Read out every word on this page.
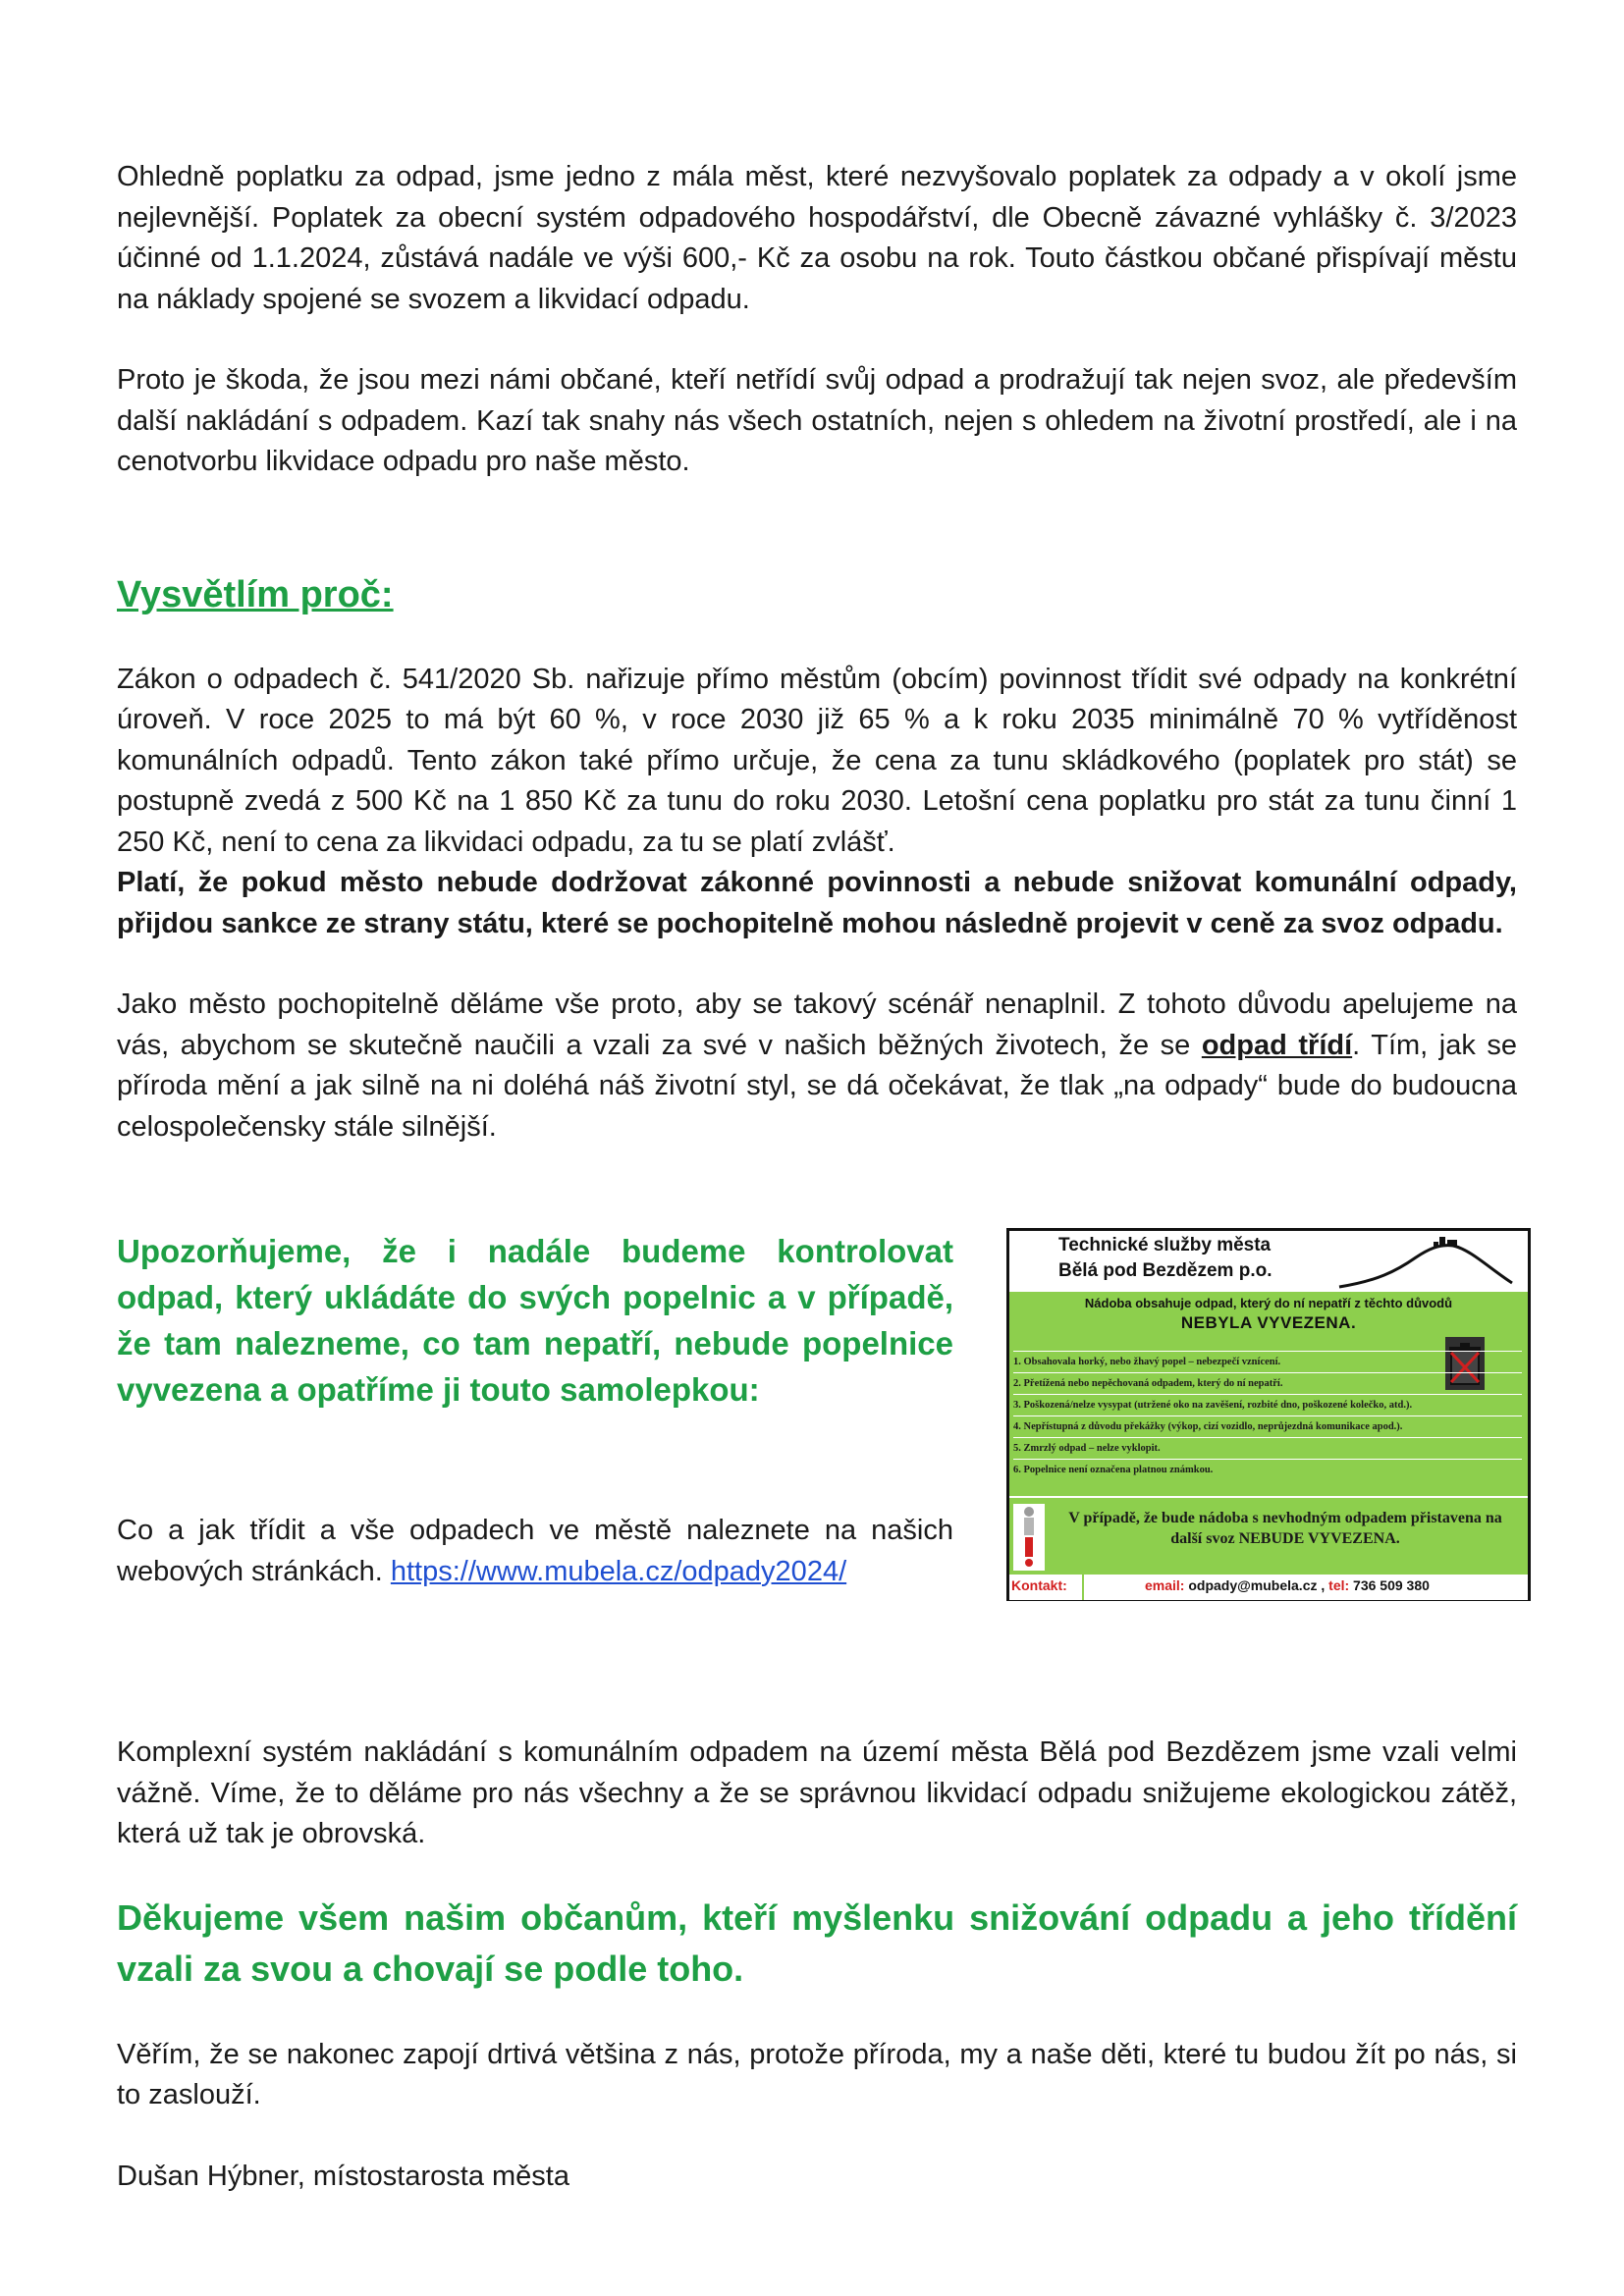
Ohledně poplatku za odpad, jsme jedno z mála měst, které nezvyšovalo poplatek za odpady a v okolí jsme nejlevnější. Poplatek za obecní systém odpadového hospodářství, dle Obecně závazné vyhlášky č. 3/2023 účinné od 1.1.2024, zůstává nadále ve výši 600,- Kč za osobu na rok. Touto částkou občané přispívají městu na náklady spojené se svozem a likvidací odpadu.

Proto je škoda, že jsou mezi námi občané, kteří netřídí svůj odpad a prodražují tak nejen svoz, ale především další nakládání s odpadem. Kazí tak snahy nás všech ostatních, nejen s ohledem na životní prostředí, ale i na cenotvorbu likvidace odpadu pro naše město.

Vysvětlím proč:

Zákon o odpadech č. 541/2020 Sb. nařizuje přímo městům (obcím) povinnost třídit své odpady na konkrétní úroveň. V roce 2025 to má být 60 %, v roce 2030 již 65 % a k roku 2035 minimálně 70 % vytříděnost komunálních odpadů. Tento zákon také přímo určuje, že cena za tunu skládkového (poplatek pro stát) se postupně zvedá z 500 Kč na 1 850 Kč za tunu do roku 2030. Letošní cena poplatku pro stát za tunu činní 1 250 Kč, není to cena za likvidaci odpadu, za tu se platí zvlášť.

Platí, že pokud město nebude dodržovat zákonné povinnosti a nebude snižovat komunální odpady, přijdou sankce ze strany státu, které se pochopitelně mohou následně projevit v ceně za svoz odpadu.

Jako město pochopitelně děláme vše proto, aby se takový scénář nenaplnil. Z tohoto důvodu apelujeme na vás, abychom se skutečně naučili a vzali za své v našich běžných životech, že se odpad třídí. Tím, jak se příroda mění a jak silně na ni doléhá náš životní styl, se dá očekávat, že tlak „na odpady“ bude do budoucna celospolečensky stále silnější.

Upozorňujeme, že i nadále budeme kontrolovat odpad, který ukládáte do svých popelnic a v případě, že tam nalezneme, co tam nepatří, nebude popelnice vyvezena a opatříme ji touto samolepkou:

Co a jak třídit a vše odpadech ve městě naleznete na našich webových stránkách. https://www.mubela.cz/odpady2024/

Technické služby města
Bělá pod Bezdězem p.o.
Nádoba obsahuje odpad, který do ní nepatří z těchto důvodů
NEBYLA VYVEZENA.
1. Obsahovala horký, nebo žhavý popel – nebezpečí vznícení.
2. Přetížená nebo nepěchovaná odpadem, který do ní nepatří.
3. Poškozená/nelze vysypat (utržené oko na zavěšení, rozbité dno, poškozené kolečko, atd.).
4. Nepřístupná z důvodu překážky (výkop, cizí vozidlo, neprůjezdná komunikace apod.).
5. Zmrzlý odpad – nelze vyklopit.
6. Popelnice není označena platnou známkou.
V případě, že bude nádoba s nevhodným odpadem přistavena na další svoz NEBUDE VYVEZENA.
Kontakt:	email: odpady@mubela.cz , tel: 736 509 380

Komplexní systém nakládání s komunálním odpadem na území města Bělá pod Bezdězem jsme vzali velmi vážně. Víme, že to děláme pro nás všechny a že se správnou likvidací odpadu snižujeme ekologickou zátěž, která už tak je obrovská.

Děkujeme všem našim občanům, kteří myšlenku snižování odpadu a jeho třídění vzali za svou a chovají se podle toho.

Věřím, že se nakonec zapojí drtivá většina z nás, protože příroda, my a naše děti, které tu budou žít po nás, si to zaslouží.

Dušan Hýbner, místostarosta města
